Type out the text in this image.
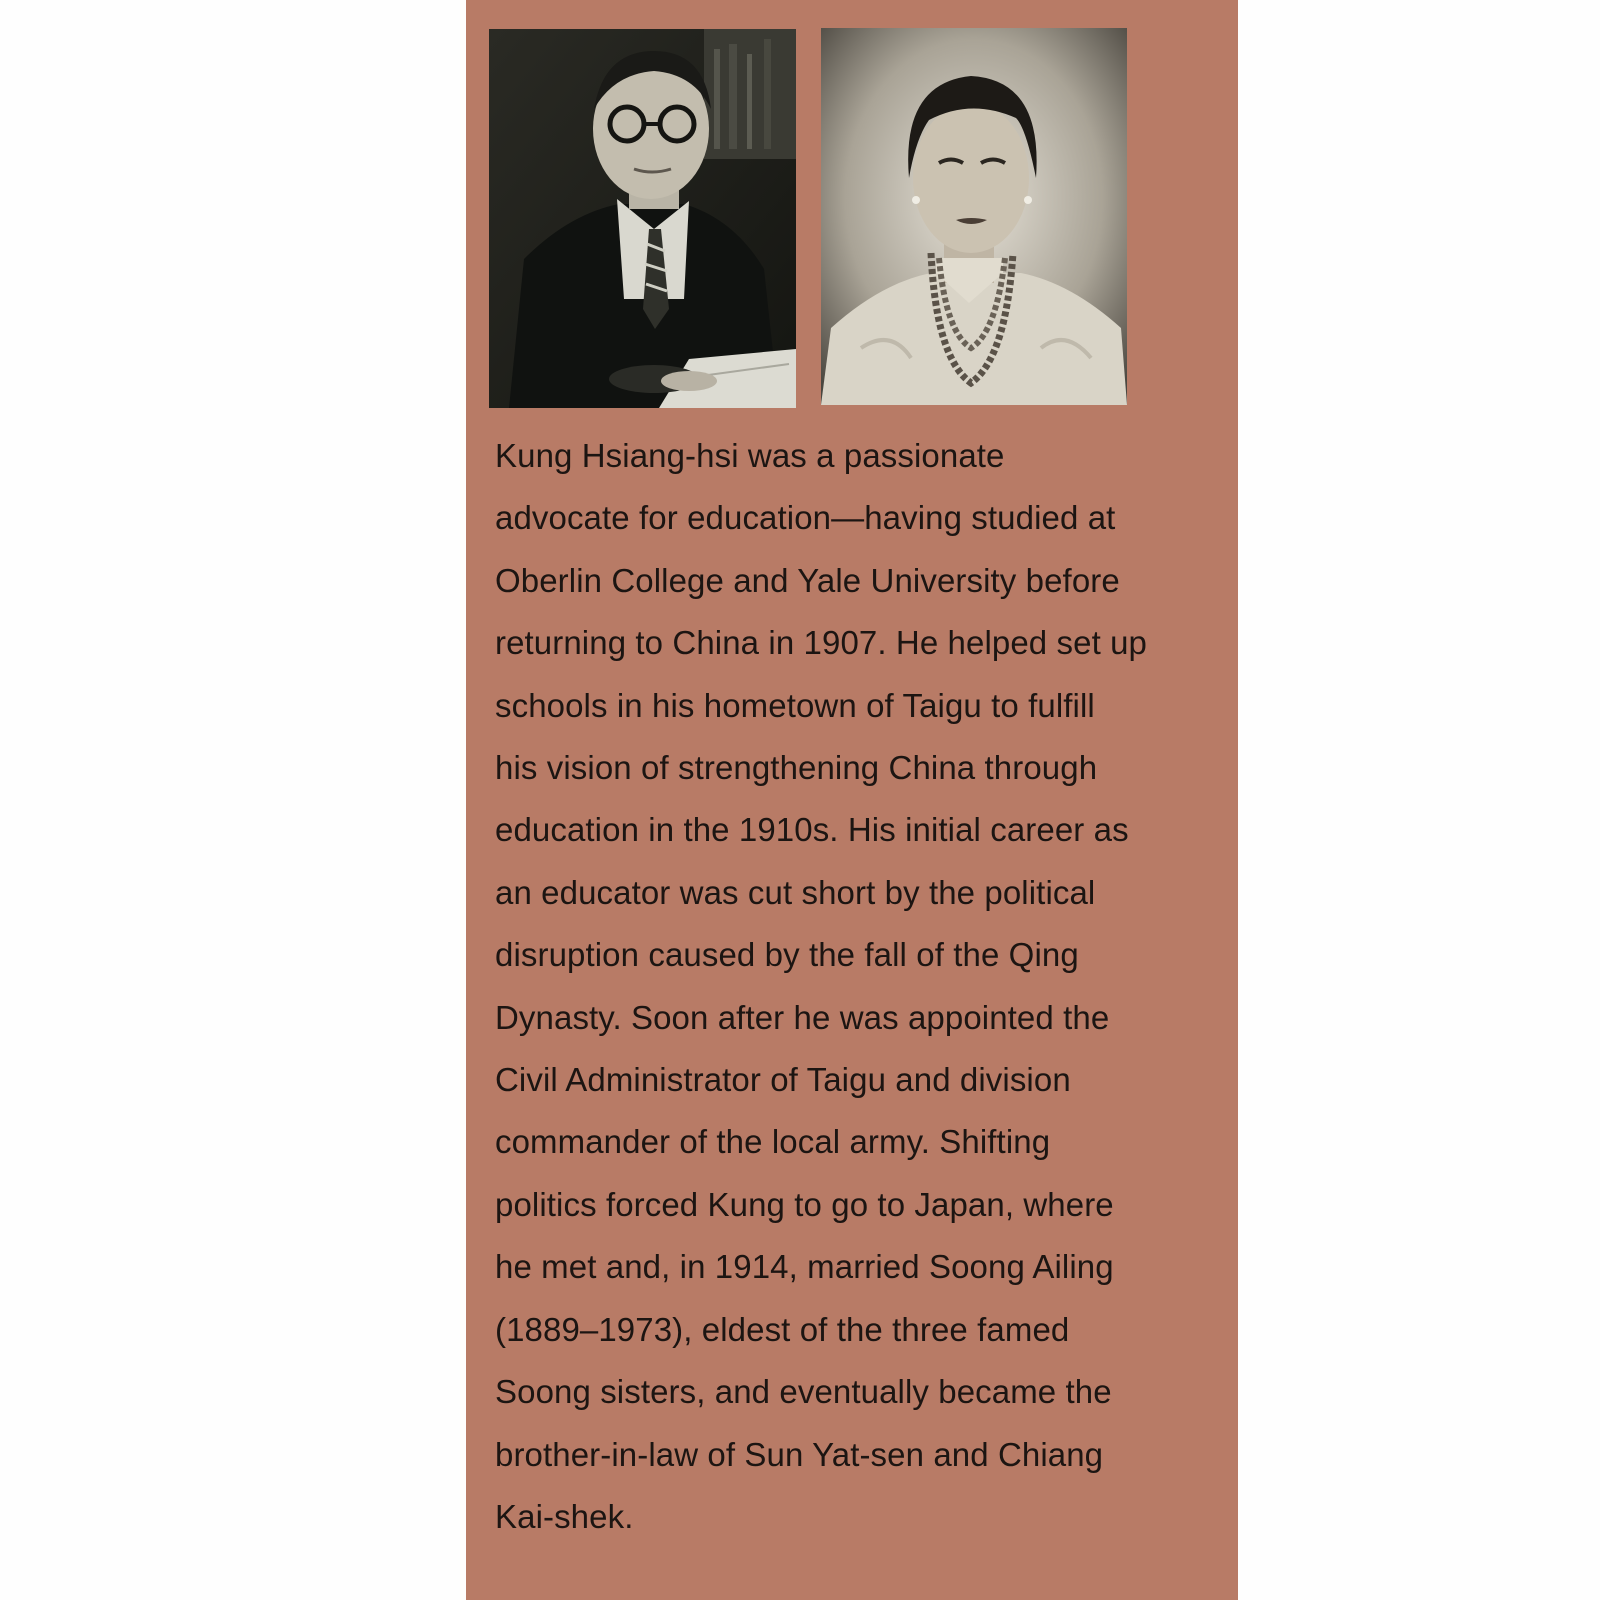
Kung Hsiang-hsi was a passionate
advocate for education—having studied at
Oberlin College and Yale University before
returning to China in 1907. He helped set up
schools in his hometown of Taigu to fulfill
his vision of strengthening China through
education in the 1910s. His initial career as
an educator was cut short by the political
disruption caused by the fall of the Qing
Dynasty. Soon after he was appointed the
Civil Administrator of Taigu and division
commander of the local army. Shifting
politics forced Kung to go to Japan, where
he met and, in 1914, married Soong Ailing
(1889–1973), eldest of the three famed
Soong sisters, and eventually became the
brother-in-law of Sun Yat-sen and Chiang
Kai-shek.
